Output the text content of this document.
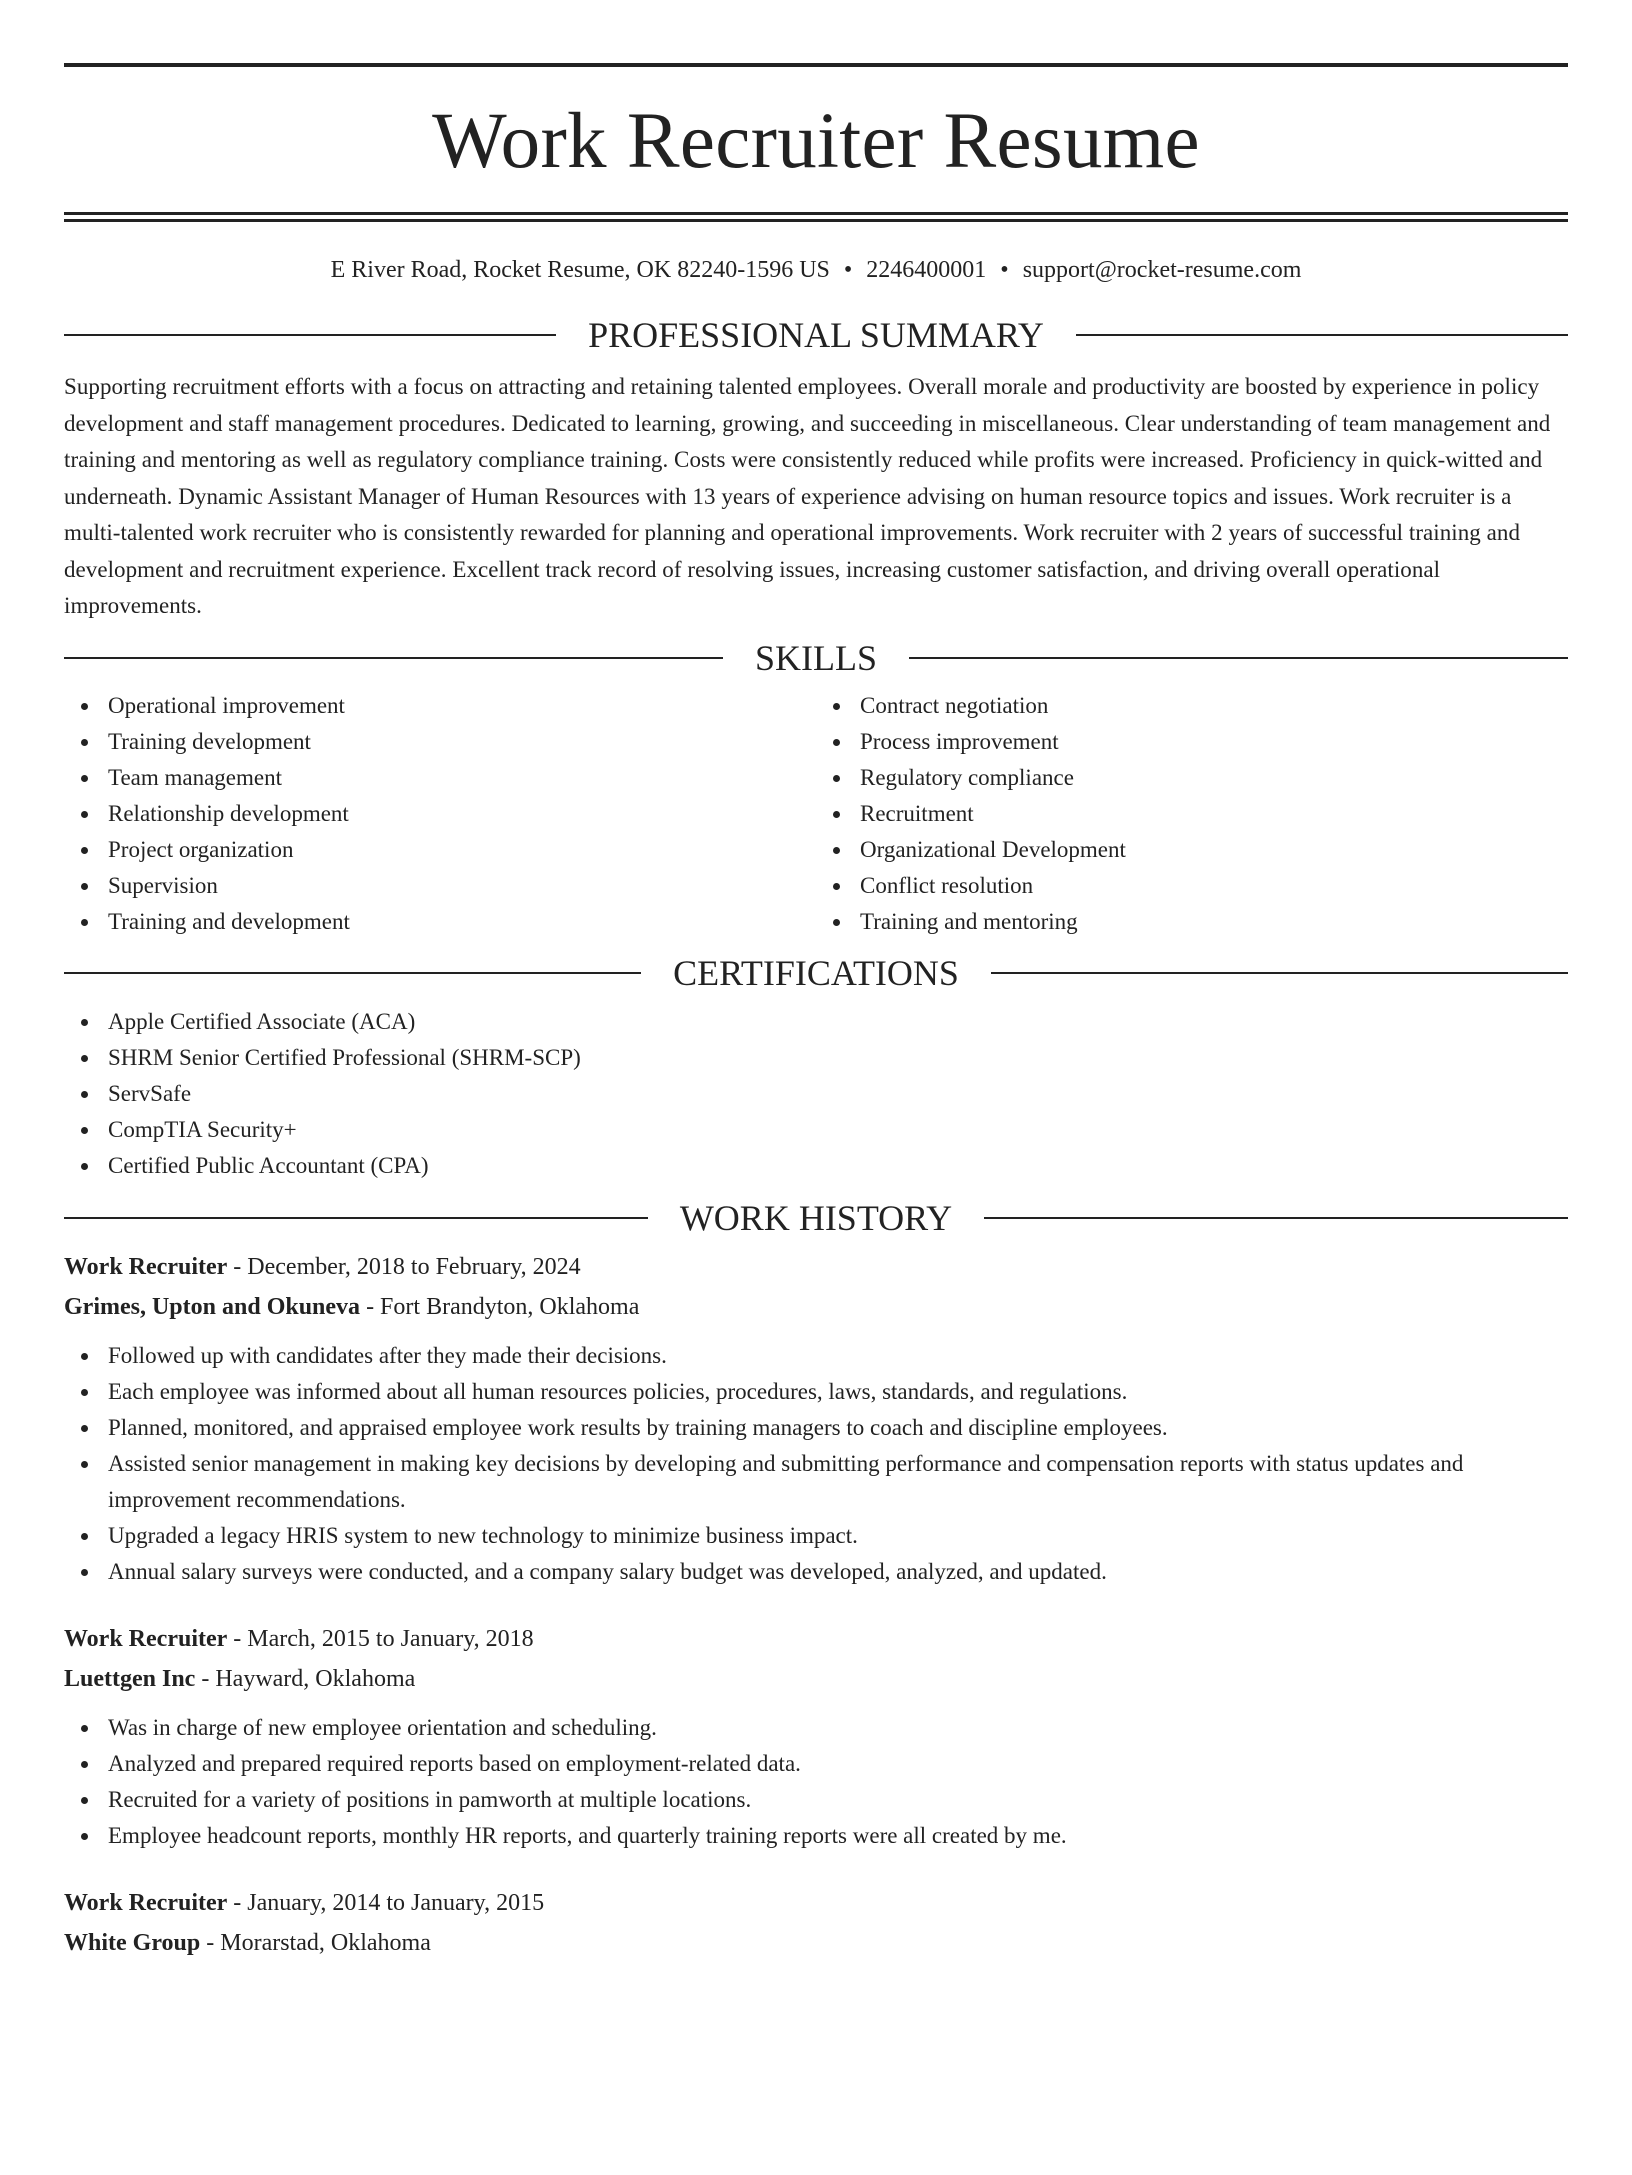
Work Recruiter Resume
E River Road, Rocket Resume, OK 82240-1596 US • 2246400001 • support@rocket-resume.com
PROFESSIONAL SUMMARY

Supporting recruitment efforts with a focus on attracting and retaining talented employees. Overall morale and productivity are boosted by experience in policy development and staff management procedures. Dedicated to learning, growing, and succeeding in miscellaneous. Clear understanding of team management and training and mentoring as well as regulatory compliance training. Costs were consistently reduced while profits were increased. Proficiency in quick-witted and underneath. Dynamic Assistant Manager of Human Resources with 13 years of experience advising on human resource topics and issues. Work recruiter is a multi-talented work recruiter who is consistently rewarded for planning and operational improvements. Work recruiter with 2 years of successful training and development and recruitment experience. Excellent track record of resolving issues, increasing customer satisfaction, and driving overall operational improvements.

SKILLS
Operational improvement
Training development
Team management
Relationship development
Project organization
Supervision
Training and development
Contract negotiation
Process improvement
Regulatory compliance
Recruitment
Organizational Development
Conflict resolution
Training and mentoring
CERTIFICATIONS
Apple Certified Associate (ACA)
SHRM Senior Certified Professional (SHRM-SCP)
ServSafe
CompTIA Security+
Certified Public Accountant (CPA)
WORK HISTORY
Work Recruiter - December, 2018 to February, 2024
Grimes, Upton and Okuneva - Fort Brandyton, Oklahoma
Followed up with candidates after they made their decisions.
Each employee was informed about all human resources policies, procedures, laws, standards, and regulations.
Planned, monitored, and appraised employee work results by training managers to coach and discipline employees.
Assisted senior management in making key decisions by developing and submitting performance and compensation reports with status updates and improvement recommendations.
Upgraded a legacy HRIS system to new technology to minimize business impact.
Annual salary surveys were conducted, and a company salary budget was developed, analyzed, and updated.
Work Recruiter - March, 2015 to January, 2018
Luettgen Inc - Hayward, Oklahoma
Was in charge of new employee orientation and scheduling.
Analyzed and prepared required reports based on employment-related data.
Recruited for a variety of positions in pamworth at multiple locations.
Employee headcount reports, monthly HR reports, and quarterly training reports were all created by me.
Work Recruiter - January, 2014 to January, 2015
White Group - Morarstad, Oklahoma
